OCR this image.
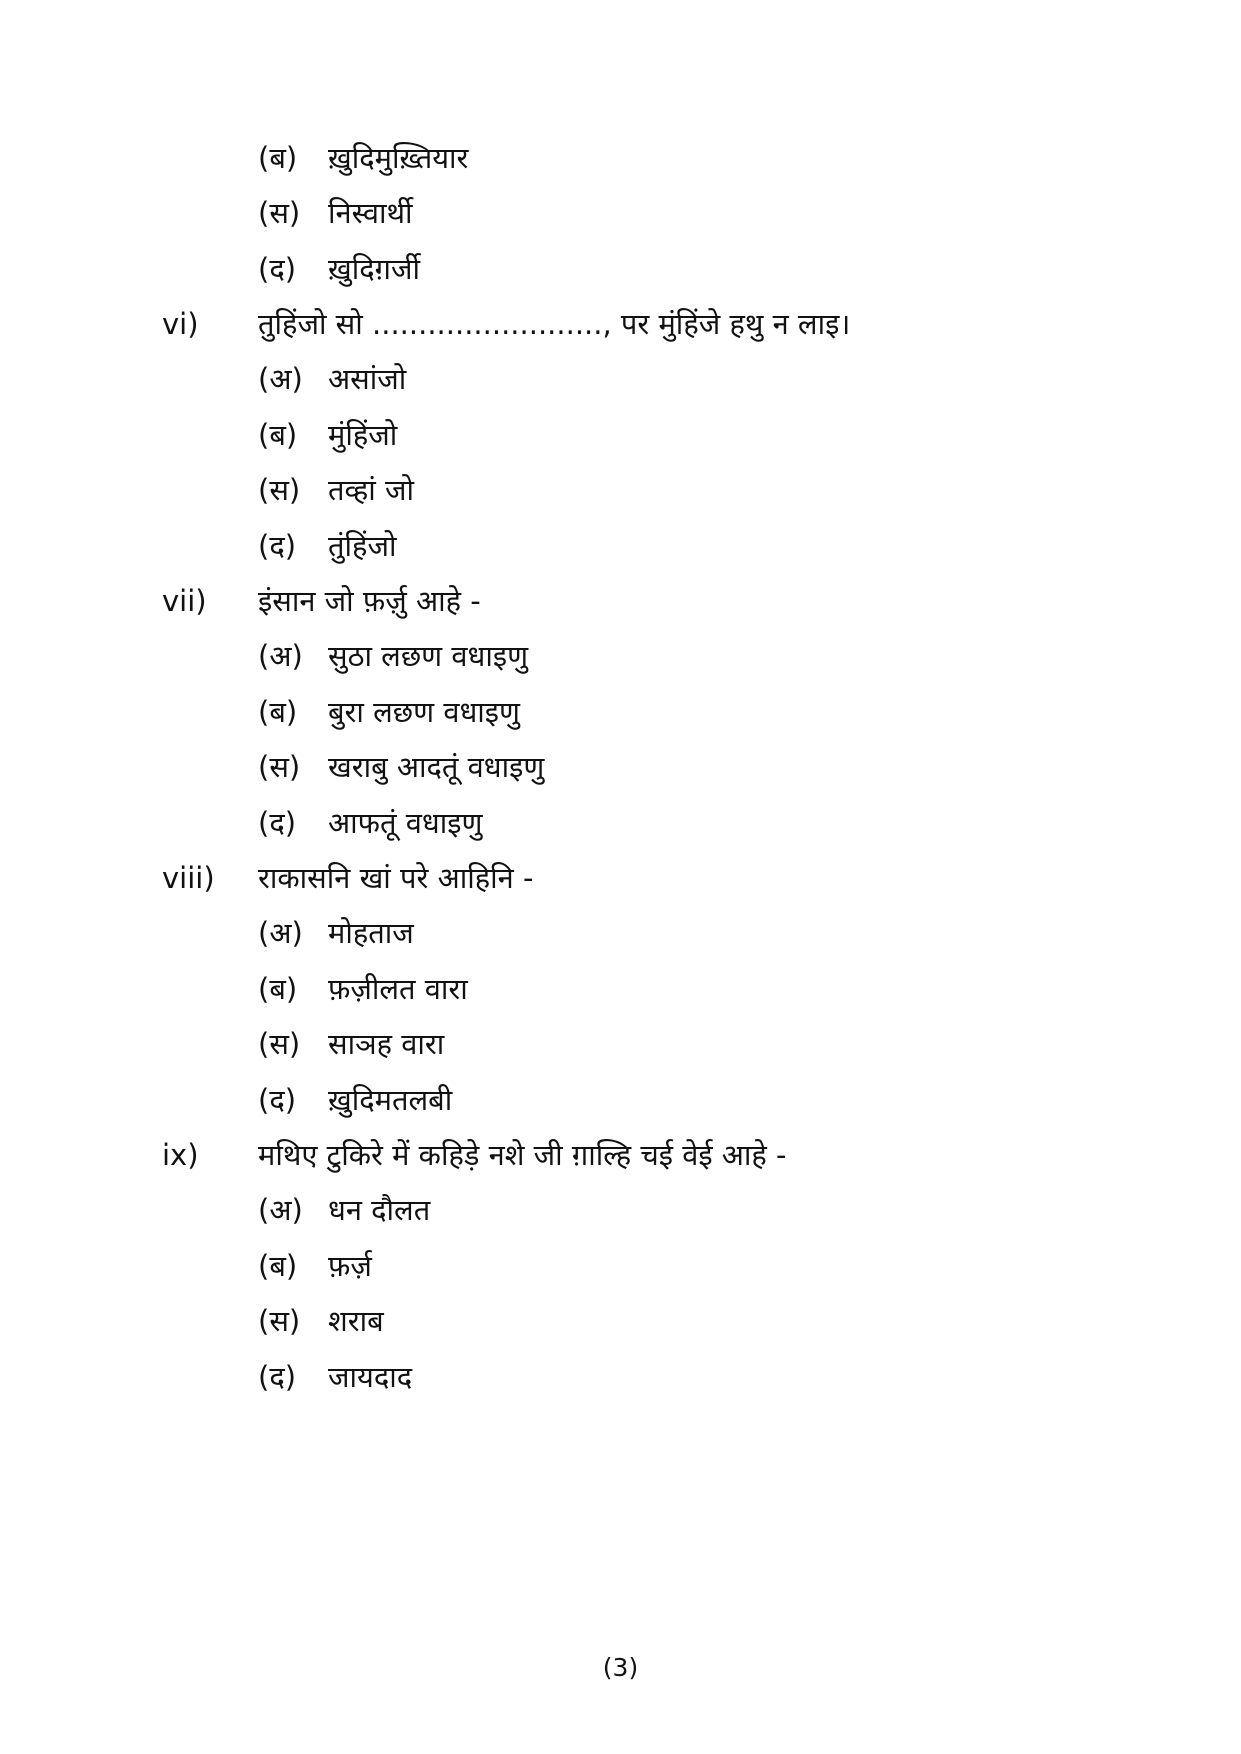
(ब)	ख़ुदिमुख़्तियार
(स) निस्वार्थी
(द)	ख़ुदिग़र्जी
vi)	तुहिंजो सो ........................., पर मुंहिंजे हथु न लाइ।
(अ) असांजो
(ब)	मुंहिंजो
(स) तव्हां जो
(द)	तुंहिंजो
vii)	इंसान जो फ़र्ज़ु आहे -
(अ) सुठा लछण वधाइणु
(ब)	बुरा लछण वधाइणु
(स) खराबु आदतूं वधाइणु
(द)	आफतूं वधाइणु
viii)	राकासनि खां परे आहिनि -
(अ) मोहताज
(ब)	फ़ज़ीलत वारा
(स) साञह वारा
(द)	ख़ुदिमतलबी
ix)	मथिए टुकिरे में कहिड़े नशे जी ग़ाल्हि चई वेई आहे -
(अ) धन दौलत
(ब)	फ़र्ज़
(स) शराब
(द)	जायदाद
(3)
